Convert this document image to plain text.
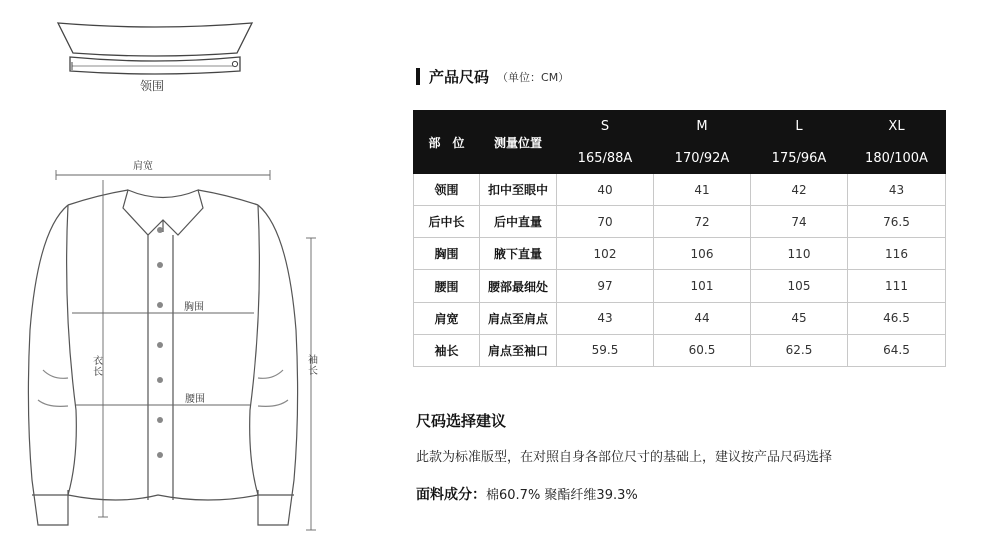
领围
肩宽
胸围
腰围
衣长
袖长
产品尺码 （单位：CM）
部　位	测量位置	S	M	L	XL
		165/88A	170/92A	175/96A	180/100A
领围	扣中至眼中	40	41	42	43
后中长	后中直量	70	72	74	76.5
胸围	腋下直量	102	106	110	116
腰围	腰部最细处	97	101	105	111
肩宽	肩点至肩点	43	44	45	46.5
袖长	肩点至袖口	59.5	60.5	62.5	64.5
尺码选择建议
此款为标准版型，在对照自身各部位尺寸的基础上，建议按产品尺码选择
面料成分：棉60.7% 聚酯纤维39.3%
